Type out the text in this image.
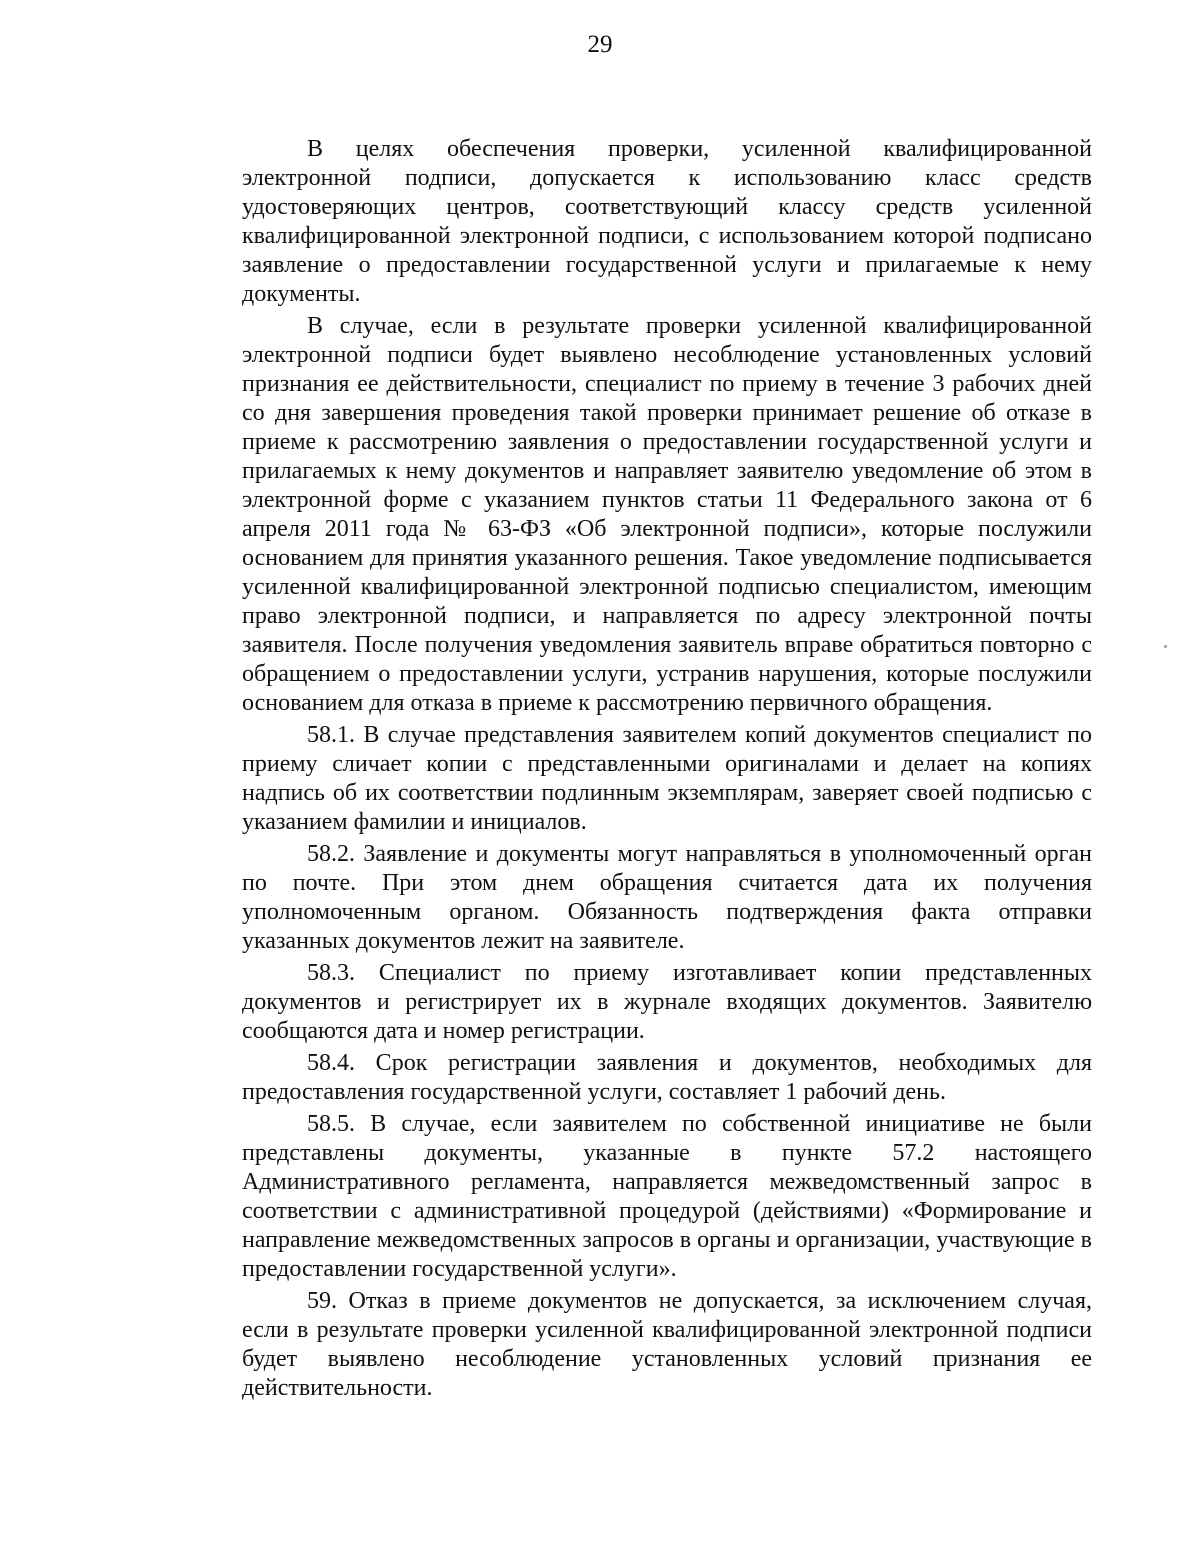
29

В целях обеспечения проверки, усиленной квалифицированной электронной подписи, допускается к использованию класс средств удостоверяющих центров, соответствующий классу средств усиленной квалифицированной электронной подписи, с использованием которой подписано заявление о предоставлении государственной услуги и прилагаемые к нему документы.

В случае, если в результате проверки усиленной квалифицированной электронной подписи будет выявлено несоблюдение установленных условий признания ее действительности, специалист по приему в течение 3 рабочих дней со дня завершения проведения такой проверки принимает решение об отказе в приеме к рассмотрению заявления о предоставлении государственной услуги и прилагаемых к нему документов и направляет заявителю уведомление об этом в электронной форме с указанием пунктов статьи 11 Федерального закона от 6 апреля 2011 года № 63-ФЗ «Об электронной подписи», которые послужили основанием для принятия указанного решения. Такое уведомление подписывается усиленной квалифицированной электронной подписью специалистом, имеющим право электронной подписи, и направляется по адресу электронной почты заявителя. После получения уведомления заявитель вправе обратиться повторно с обращением о предоставлении услуги, устранив нарушения, которые послужили основанием для отказа в приеме к рассмотрению первичного обращения.

58.1. В случае представления заявителем копий документов специалист по приему сличает копии с представленными оригиналами и делает на копиях надпись об их соответствии подлинным экземплярам, заверяет своей подписью с указанием фамилии и инициалов.

58.2. Заявление и документы могут направляться в уполномоченный орган по почте. При этом днем обращения считается дата их получения уполномоченным органом. Обязанность подтверждения факта отправки указанных документов лежит на заявителе.

58.3. Специалист по приему изготавливает копии представленных документов и регистрирует их в журнале входящих документов. Заявителю сообщаются дата и номер регистрации.

58.4. Срок регистрации заявления и документов, необходимых для предоставления государственной услуги, составляет 1 рабочий день.

58.5. В случае, если заявителем по собственной инициативе не были представлены документы, указанные в пункте 57.2 настоящего Административного регламента, направляется межведомственный запрос в соответствии с административной процедурой (действиями) «Формирование и направление межведомственных запросов в органы и организации, участвующие в предоставлении государственной услуги».

59. Отказ в приеме документов не допускается, за исключением случая, если в результате проверки усиленной квалифицированной электронной подписи будет выявлено несоблюдение установленных условий признания ее действительности.
